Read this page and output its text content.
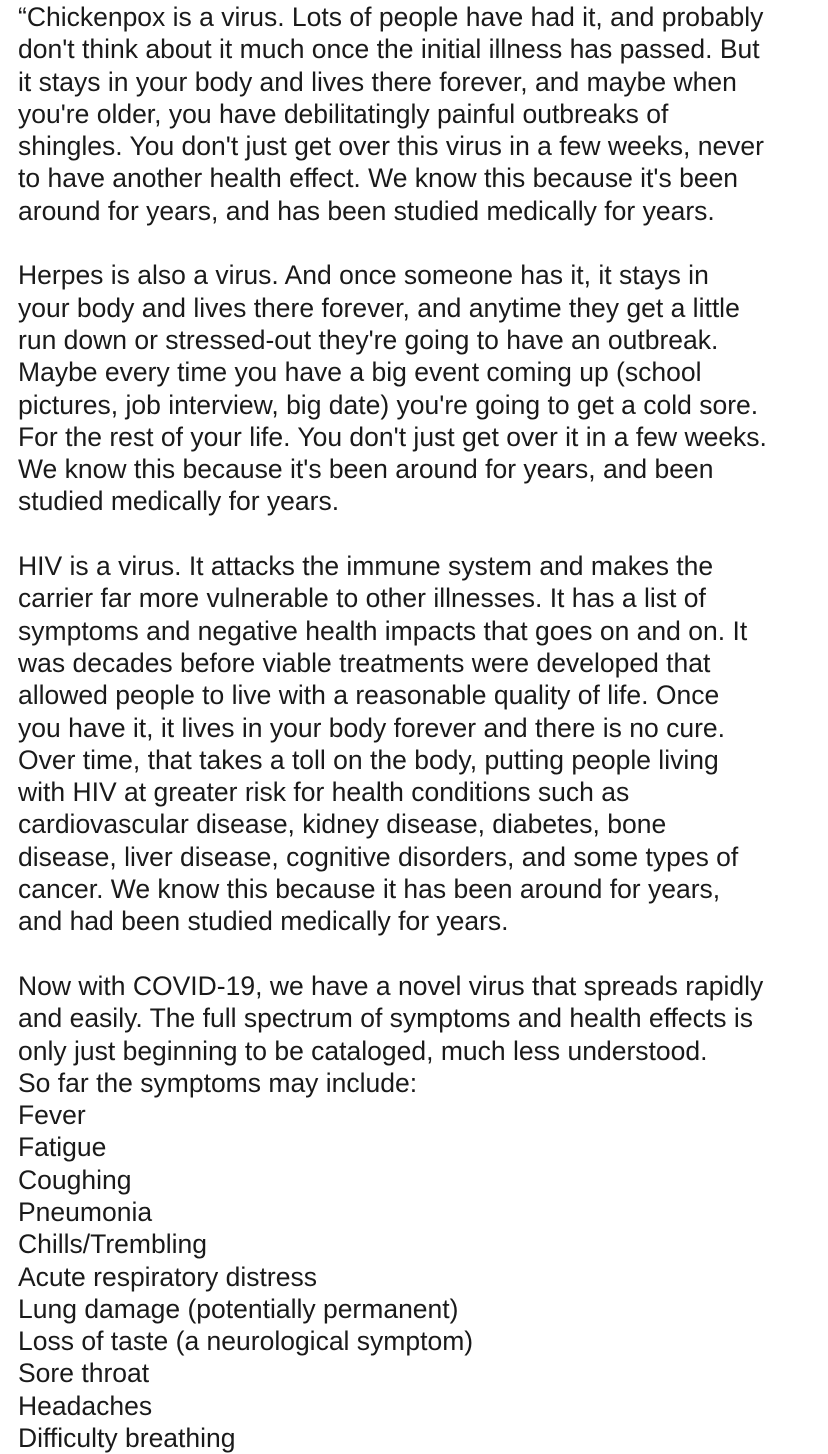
“Chickenpox is a virus. Lots of people have had it, and probably
don't think about it much once the initial illness has passed. But
it stays in your body and lives there forever, and maybe when
you're older, you have debilitatingly painful outbreaks of
shingles. You don't just get over this virus in a few weeks, never
to have another health effect. We know this because it's been
around for years, and has been studied medically for years.
Herpes is also a virus. And once someone has it, it stays in
your body and lives there forever, and anytime they get a little
run down or stressed-out they're going to have an outbreak.
Maybe every time you have a big event coming up (school
pictures, job interview, big date) you're going to get a cold sore.
For the rest of your life. You don't just get over it in a few weeks.
We know this because it's been around for years, and been
studied medically for years.
HIV is a virus. It attacks the immune system and makes the
carrier far more vulnerable to other illnesses. It has a list of
symptoms and negative health impacts that goes on and on. It
was decades before viable treatments were developed that
allowed people to live with a reasonable quality of life. Once
you have it, it lives in your body forever and there is no cure.
Over time, that takes a toll on the body, putting people living
with HIV at greater risk for health conditions such as
cardiovascular disease, kidney disease, diabetes, bone
disease, liver disease, cognitive disorders, and some types of
cancer. We know this because it has been around for years,
and had been studied medically for years.
Now with COVID-19, we have a novel virus that spreads rapidly
and easily. The full spectrum of symptoms and health effects is
only just beginning to be cataloged, much less understood.
So far the symptoms may include:
Fever
Fatigue
Coughing
Pneumonia
Chills/Trembling
Acute respiratory distress
Lung damage (potentially permanent)
Loss of taste (a neurological symptom)
Sore throat
Headaches
Difficulty breathing
